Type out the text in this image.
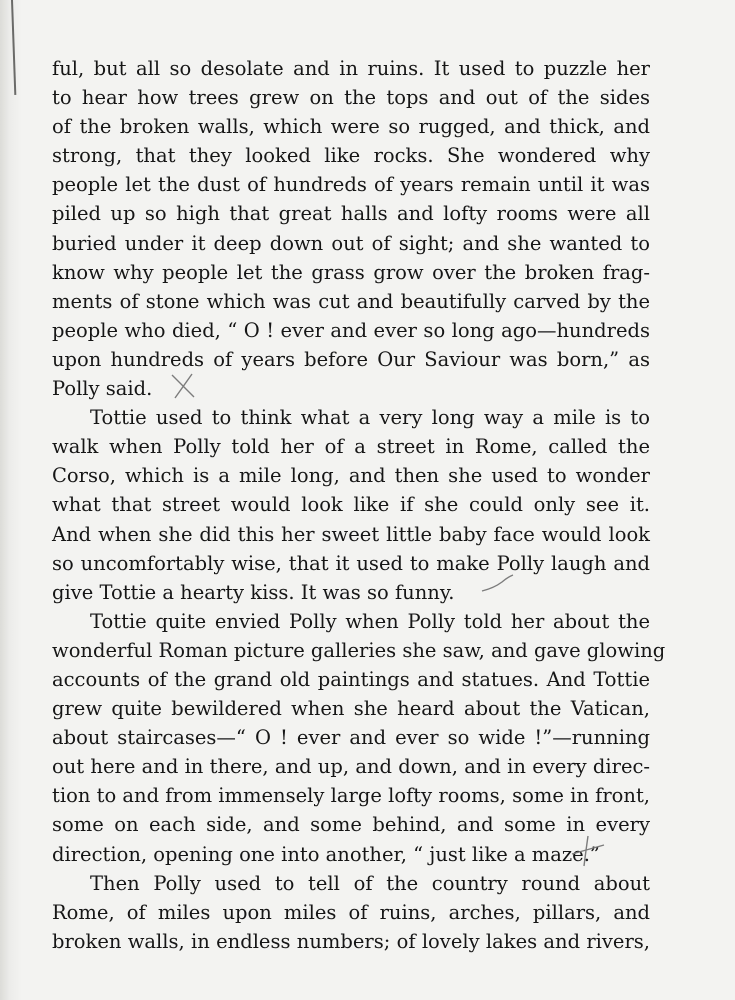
ful, but all so desolate and in ruins. It used to puzzle her
to hear how trees grew on the tops and out of the sides
of the broken walls, which were so rugged, and thick, and
strong, that they looked like rocks. She wondered why
people let the dust of hundreds of years remain until it was
piled up so high that great halls and lofty rooms were all
buried under it deep down out of sight; and she wanted to
know why people let the grass grow over the broken frag-
ments of stone which was cut and beautifully carved by the
people who died, “ O ! ever and ever so long ago—hundreds
upon hundreds of years before Our Saviour was born,” as
Polly said.
Tottie used to think what a very long way a mile is to
walk when Polly told her of a street in Rome, called the
Corso, which is a mile long, and then she used to wonder
what that street would look like if she could only see it.
And when she did this her sweet little baby face would look
so uncomfortably wise, that it used to make Polly laugh and
give Tottie a hearty kiss. It was so funny.
Tottie quite envied Polly when Polly told her about the
wonderful Roman picture galleries she saw, and gave glowing
accounts of the grand old paintings and statues. And Tottie
grew quite bewildered when she heard about the Vatican,
about staircases—“ O ! ever and ever so wide !”—running
out here and in there, and up, and down, and in every direc-
tion to and from immensely large lofty rooms, some in front,
some on each side, and some behind, and some in every
direction, opening one into another, “ just like a maze.”
Then Polly used to tell of the country round about
Rome, of miles upon miles of ruins, arches, pillars, and
broken walls, in endless numbers; of lovely lakes and rivers,
